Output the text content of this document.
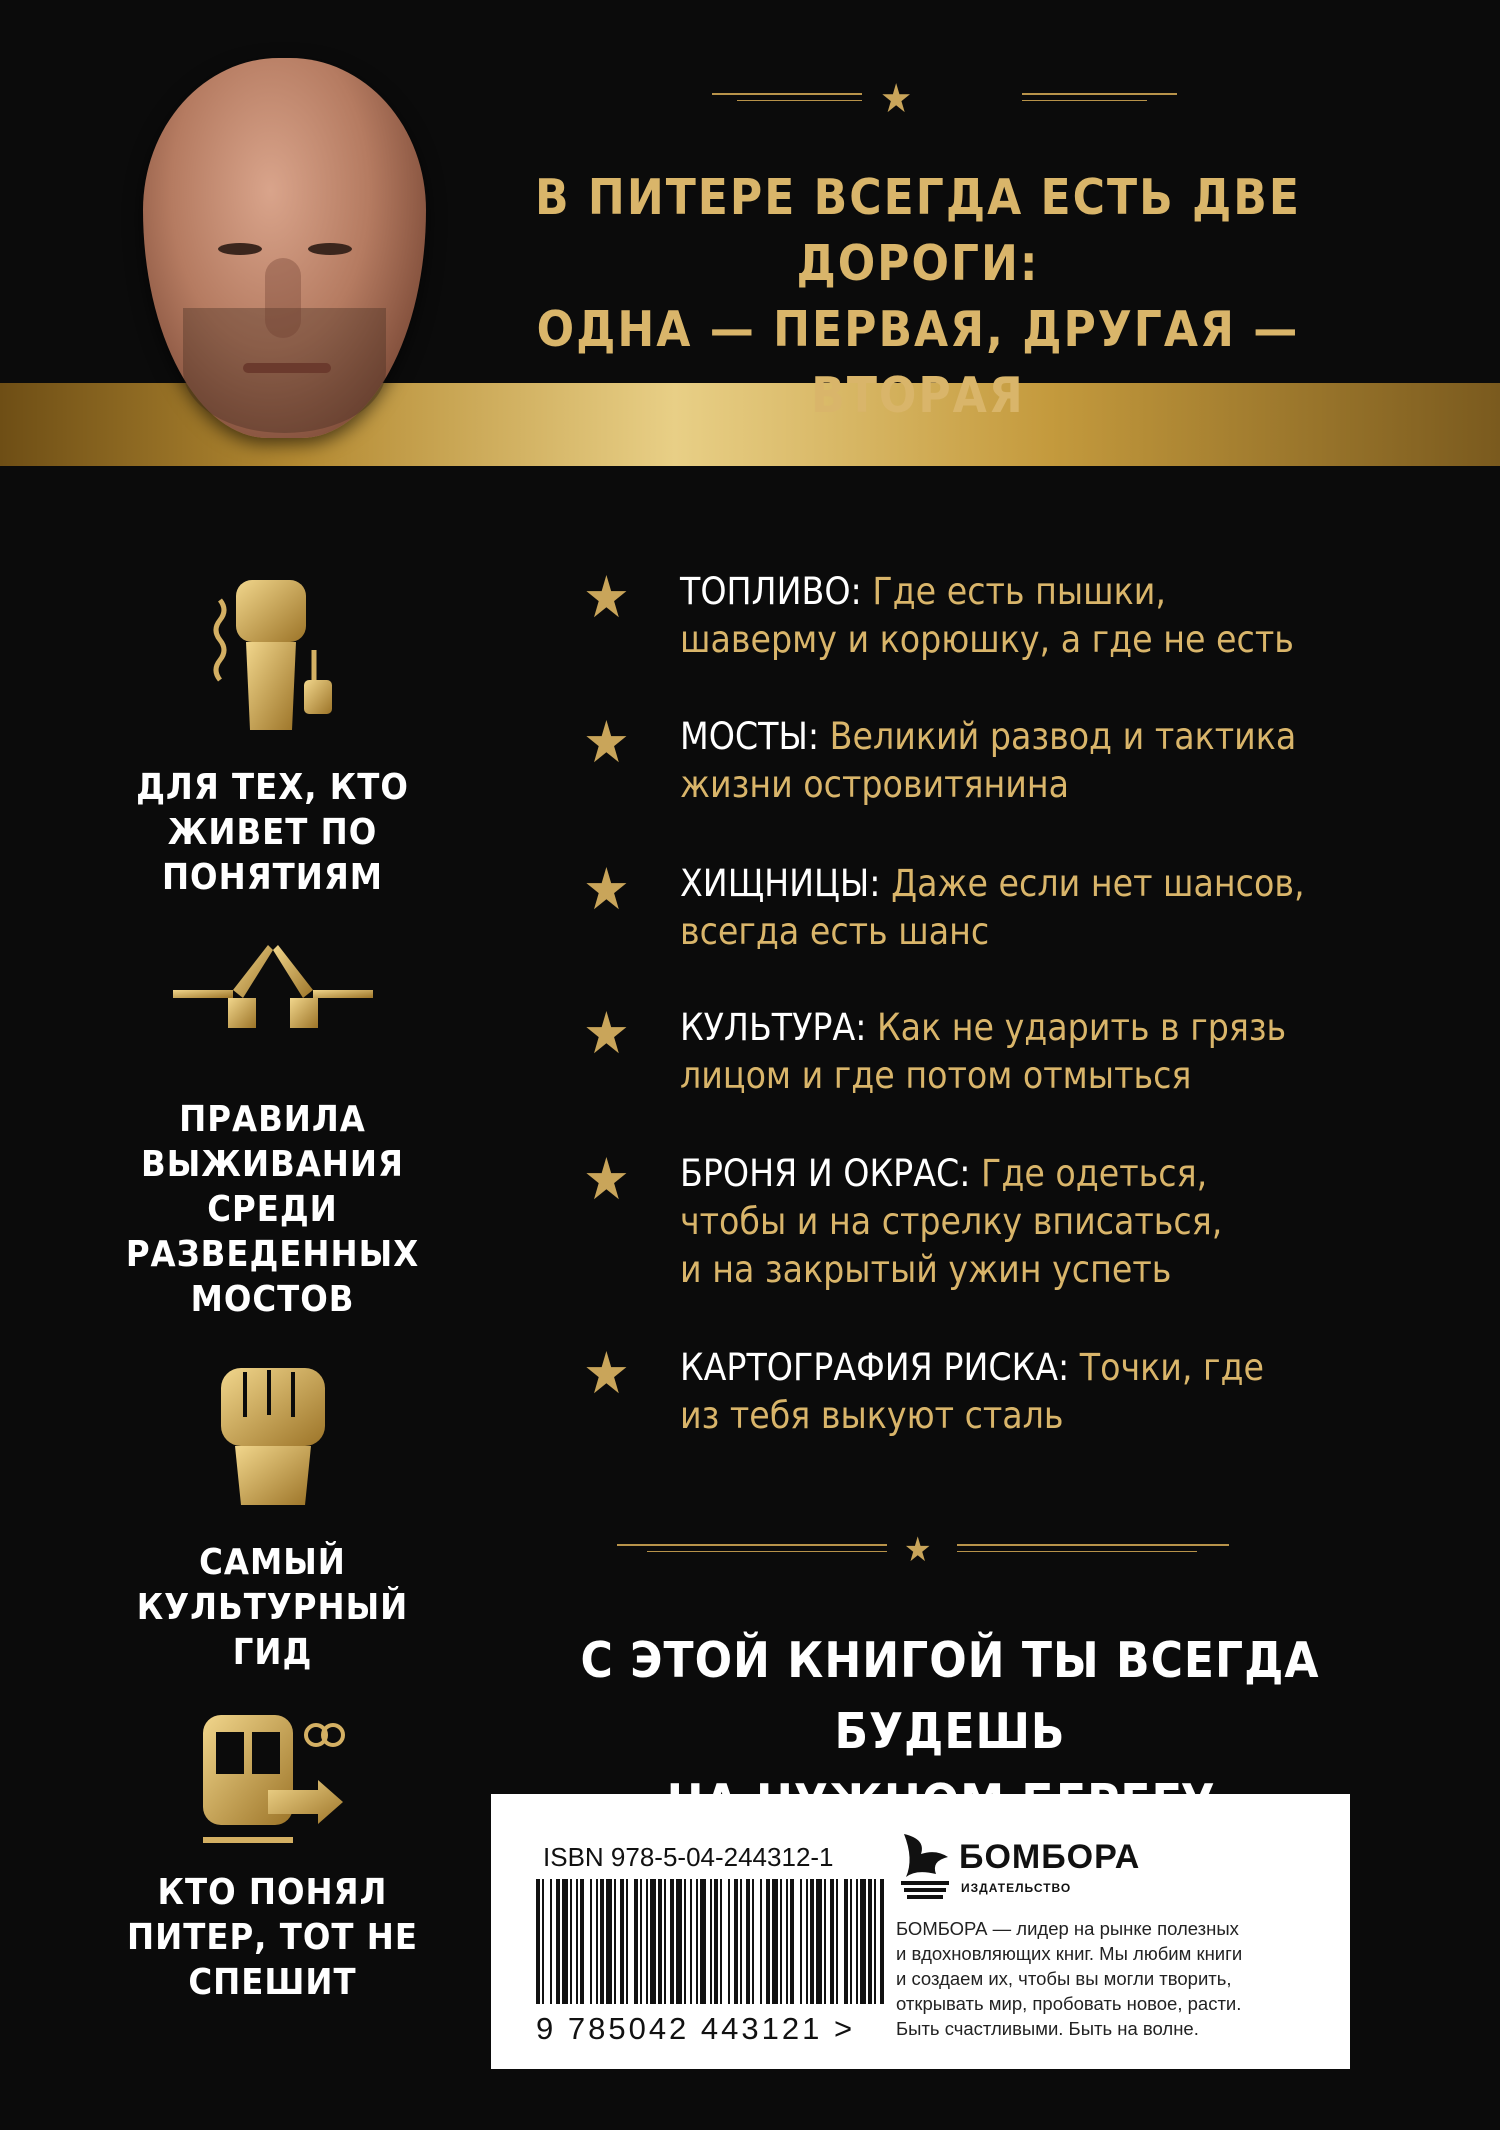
★
В ПИТЕРЕ ВСЕГДА ЕСТЬ ДВЕ ДОРОГИ:
ОДНА — ПЕРВАЯ, ДРУГАЯ — ВТОРАЯ
ДЛЯ ТЕХ, КТО
ЖИВЕТ ПО
ПОНЯТИЯМ
ПРАВИЛА
ВЫЖИВАНИЯ
СРЕДИ
РАЗВЕДЕННЫХ
МОСТОВ
САМЫЙ
КУЛЬТУРНЫЙ ГИД
КТО ПОНЯЛ
ПИТЕР, ТОТ НЕ
СПЕШИТ
★ ТОПЛИВО: Где есть пышки,
шаверму и корюшку, а где не есть
★ МОСТЫ: Великий развод и тактика
жизни островитянина
★ ХИЩНИЦЫ: Даже если нет шансов,
всегда есть шанс
★ КУЛЬТУРА: Как не ударить в грязь
лицом и где потом отмыться
★ БРОНЯ И ОКРАС: Где одеться,
чтобы и на стрелку вписаться,
и на закрытый ужин успеть
★ КАРТОГРАФИЯ РИСКА: Точки, где
из тебя выкуют сталь
★
С ЭТОЙ КНИГОЙ ТЫ ВСЕГДА БУДЕШЬ
ISBN 978-5-04-244312-1
9 785042 443121 >
БОМБОРА
ИЗДАТЕЛЬСТВО
БОМБОРА — лидер на рынке полезных
и вдохновляющих книг. Мы любим книги
и создаем их, чтобы вы могли творить,
открывать мир, пробовать новое, расти.
Быть счастливыми. Быть на волне.
